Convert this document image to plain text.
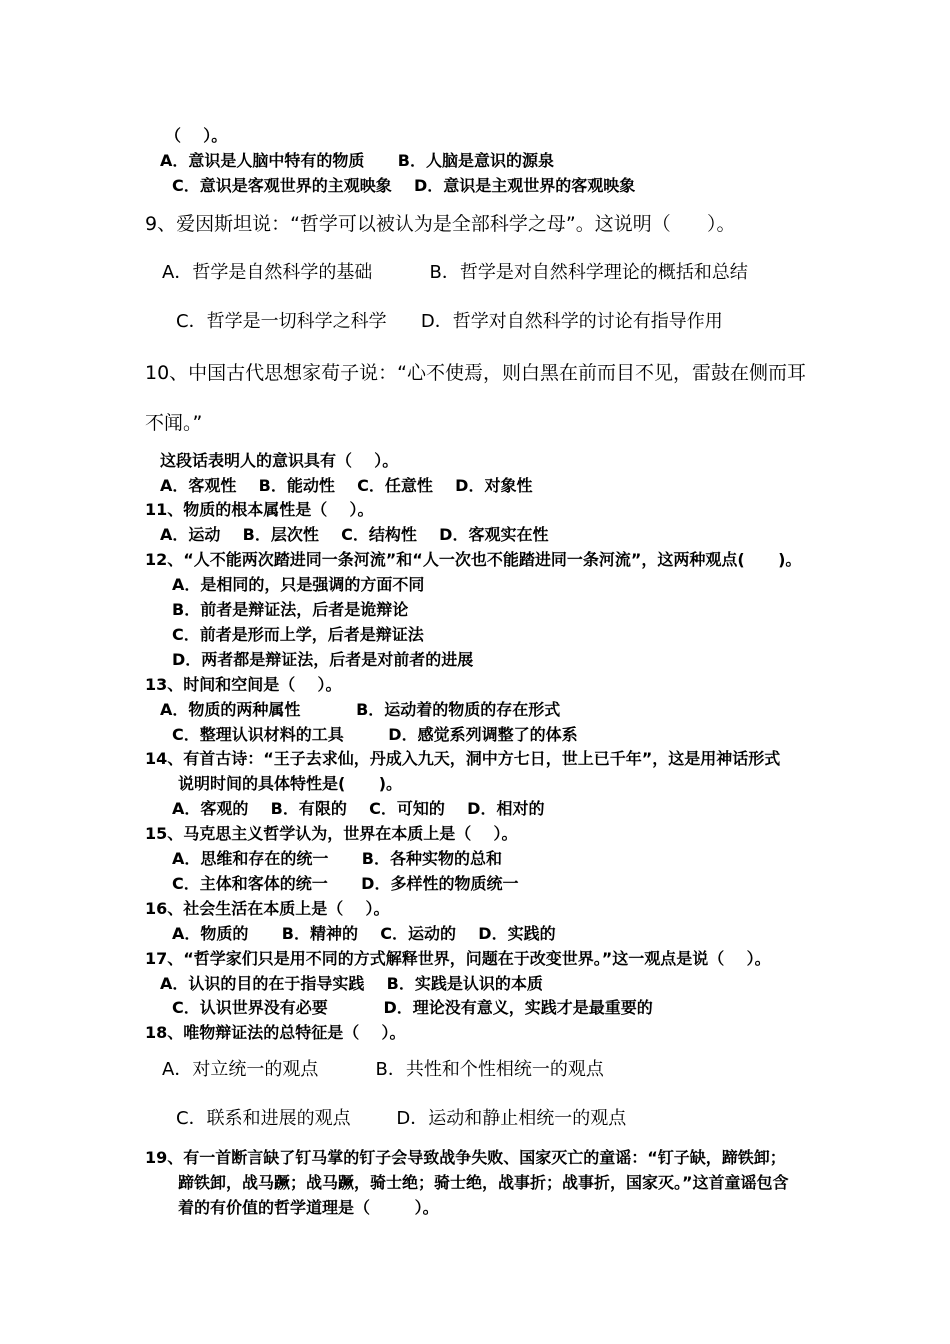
（    ）。
A．意识是人脑中特有的物质      B．人脑是意识的源泉
C．意识是客观世界的主观映象    D．意识是主观世界的客观映象
9、爱因斯坦说：“哲学可以被认为是全部科学之母”。这说明（      ）。
A．哲学是自然科学的基础          B．哲学是对自然科学理论的概括和总结
C．哲学是一切科学之科学      D．哲学对自然科学的讨论有指导作用
10、中国古代思想家荀子说：“心不使焉，则白黑在前而目不见，雷鼓在侧而耳
不闻。”
这段话表明人的意识具有（    ）。
A．客观性    B．能动性    C．任意性    D．对象性
11、物质的根本属性是（    ）。
A．运动    B．层次性    C．结构性    D．客观实在性
12、“人不能两次踏进同一条河流”和“人一次也不能踏进同一条河流”，这两种观点(      )。
A．是相同的，只是强调的方面不同
B．前者是辩证法，后者是诡辩论
C．前者是形而上学，后者是辩证法
D．两者都是辩证法，后者是对前者的进展
13、时间和空间是（    ）。
A．物质的两种属性          B．运动着的物质的存在形式
C．整理认识材料的工具        D．感觉系列调整了的体系
14、有首古诗：“王子去求仙，丹成入九天，洞中方七日，世上已千年”，这是用神话形式
说明时间的具体特性是(      )。
A．客观的    B．有限的    C．可知的    D．相对的
15、马克思主义哲学认为，世界在本质上是（    ）。
A．思维和存在的统一      B．各种实物的总和
C．主体和客体的统一      D．多样性的物质统一
16、社会生活在本质上是（    ）。
A．物质的      B．精神的    C．运动的    D．实践的
17、“哲学家们只是用不同的方式解释世界，问题在于改变世界。”这一观点是说（    ）。
A．认识的目的在于指导实践    B．实践是认识的本质
C．认识世界没有必要          D．理论没有意义，实践才是最重要的
18、唯物辩证法的总特征是（    ）。
A．对立统一的观点          B．共性和个性相统一的观点
C．联系和进展的观点        D．运动和静止相统一的观点
19、有一首断言缺了钉马掌的钉子会导致战争失败、国家灭亡的童谣：“钉子缺，蹄铁卸；
蹄铁卸，战马蹶；战马蹶，骑士绝；骑士绝，战事折；战事折，国家灭。”这首童谣包含
着的有价值的哲学道理是（        ）。
